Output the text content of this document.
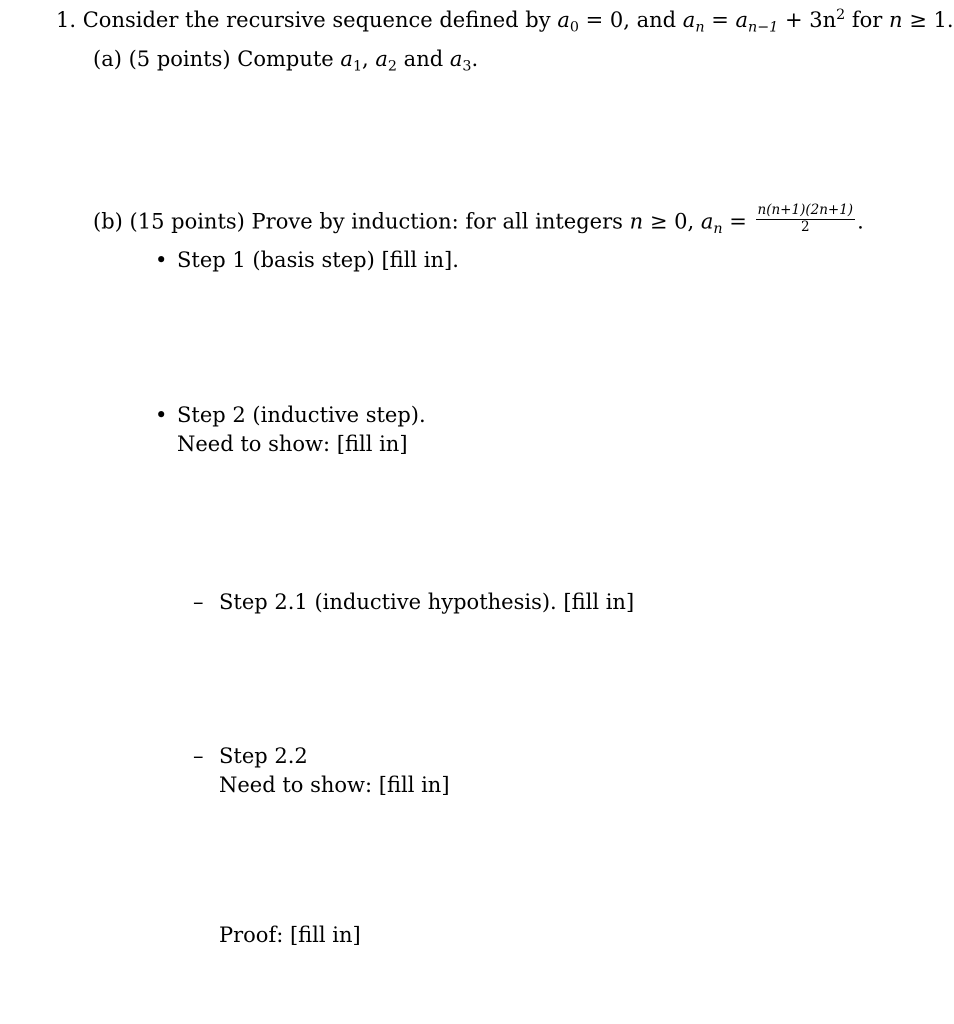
1. Consider the recursive sequence defined by $a_0 = 0$, and $a_n = a_{n-1} + 3n^2$ for n ≥ 1.
(a) (5 points) Compute $a_1$, $a_2$ and $a_3$.
(b) (15 points) Prove by induction: for all integers n ≥ 0, $a_n = \frac{n(n+1)(2n+1)}{2}$ .
• Step 1 (basis step) [fill in].
• Step 2 (inductive step).
Need to show: [fill in]
– Step 2.1 (inductive hypothesis). [fill in]
– Step 2.2
Need to show: [fill in]
Proof: [fill in]
